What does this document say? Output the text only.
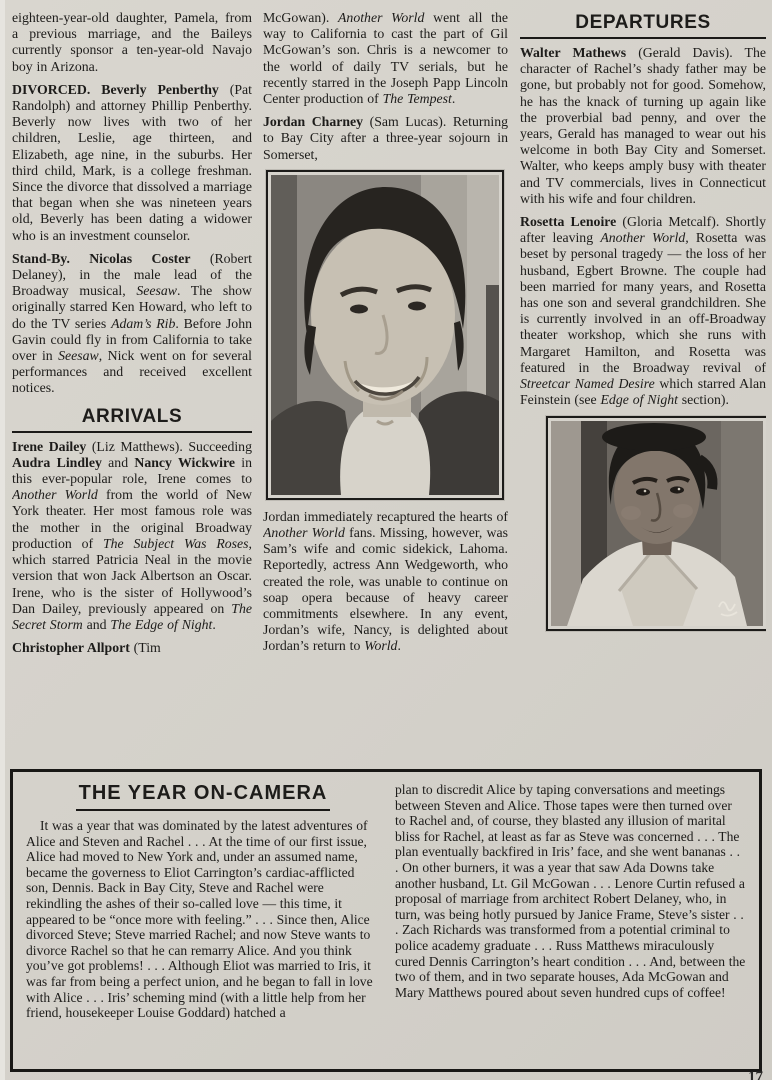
eighteen-year-old daughter, Pamela, from a previous marriage, and the Baileys currently sponsor a ten-year-old Navajo boy in Arizona.

DIVORCED. Beverly Penberthy (Pat Randolph) and attorney Phillip Penberthy. Beverly now lives with two of her children, Leslie, age thirteen, and Elizabeth, age nine, in the suburbs. Her third child, Mark, is a college freshman. Since the divorce that dissolved a marriage that began when she was nineteen years old, Beverly has been dating a widower who is an investment counselor.

Stand-By. Nicolas Coster (Robert Delaney), in the male lead of the Broadway musical, Seesaw. The show originally starred Ken Howard, who left to do the TV series Adam’s Rib. Before John Gavin could fly in from California to take over in Seesaw, Nick went on for several performances and received excellent notices.

ARRIVALS

Irene Dailey (Liz Matthews). Succeeding Audra Lindley and Nancy Wickwire in this ever-popular role, Irene comes to Another World from the world of New York theater. Her most famous role was the mother in the original Broadway production of The Subject Was Roses, which starred Patricia Neal in the movie version that won Jack Albertson an Oscar. Irene, who is the sister of Hollywood’s Dan Dailey, previously appeared on The Secret Storm and The Edge of Night.

Christopher Allport (Tim

McGowan). Another World went all the way to California to cast the part of Gil McGowan’s son. Chris is a newcomer to the world of daily TV serials, but he recently starred in the Joseph Papp Lincoln Center production of The Tempest.

Jordan Charney (Sam Lucas). Returning to Bay City after a three-year sojourn in Somerset,

Jordan immediately recaptured the hearts of Another World fans. Missing, however, was Sam’s wife and comic sidekick, Lahoma. Reportedly, actress Ann Wedgeworth, who created the role, was unable to continue on soap opera because of heavy career commitments elsewhere. In any event, Jordan’s wife, Nancy, is delighted about Jordan’s return to World.

DEPARTURES

Walter Mathews (Gerald Davis). The character of Rachel’s shady father may be gone, but probably not for good. Somehow, he has the knack of turning up again like the proverbial bad penny, and over the years, Gerald has managed to wear out his welcome in both Bay City and Somerset. Walter, who keeps amply busy with theater and TV commercials, lives in Connecticut with his wife and four children.

Rosetta Lenoire (Gloria Metcalf). Shortly after leaving Another World, Rosetta was beset by personal tragedy — the loss of her husband, Egbert Browne. The couple had been married for many years, and Rosetta has one son and several grandchildren. She is currently involved in an off-Broadway theater workshop, which she runs with Margaret Hamilton, and Rosetta was featured in the Broadway revival of Streetcar Named Desire which starred Alan Feinstein (see Edge of Night section).

THE YEAR ON-CAMERA

It was a year that was dominated by the latest adventures of Alice and Steven and Rachel . . . At the time of our first issue, Alice had moved to New York and, under an assumed name, became the governess to Eliot Carrington’s cardiac-afflicted son, Dennis. Back in Bay City, Steve and Rachel were rekindling the ashes of their so-called love — this time, it appeared to be “once more with feeling.” . . . Since then, Alice divorced Steve; Steve married Rachel; and now Steve wants to divorce Rachel so that he can remarry Alice. And you think you’ve got problems! . . . Although Eliot was married to Iris, it was far from being a perfect union, and he began to fall in love with Alice . . . Iris’ scheming mind (with a little help from her friend, housekeeper Louise Goddard) hatched a

plan to discredit Alice by taping conversations and meetings between Steven and Alice. Those tapes were then turned over to Rachel and, of course, they blasted any illusion of marital bliss for Rachel, at least as far as Steve was concerned . . . The plan eventually backfired in Iris’ face, and she went bananas . . . On other burners, it was a year that saw Ada Downs take another husband, Lt. Gil McGowan . . . Lenore Curtin refused a proposal of marriage from architect Robert Delaney, who, in turn, was being hotly pursued by Janice Frame, Steve’s sister . . . Zach Richards was transformed from a potential criminal to police academy graduate . . . Russ Matthews miraculously cured Dennis Carrington’s heart condition . . . And, between the two of them, and in two separate houses, Ada McGowan and Mary Matthews poured about seven hundred cups of coffee!

17
